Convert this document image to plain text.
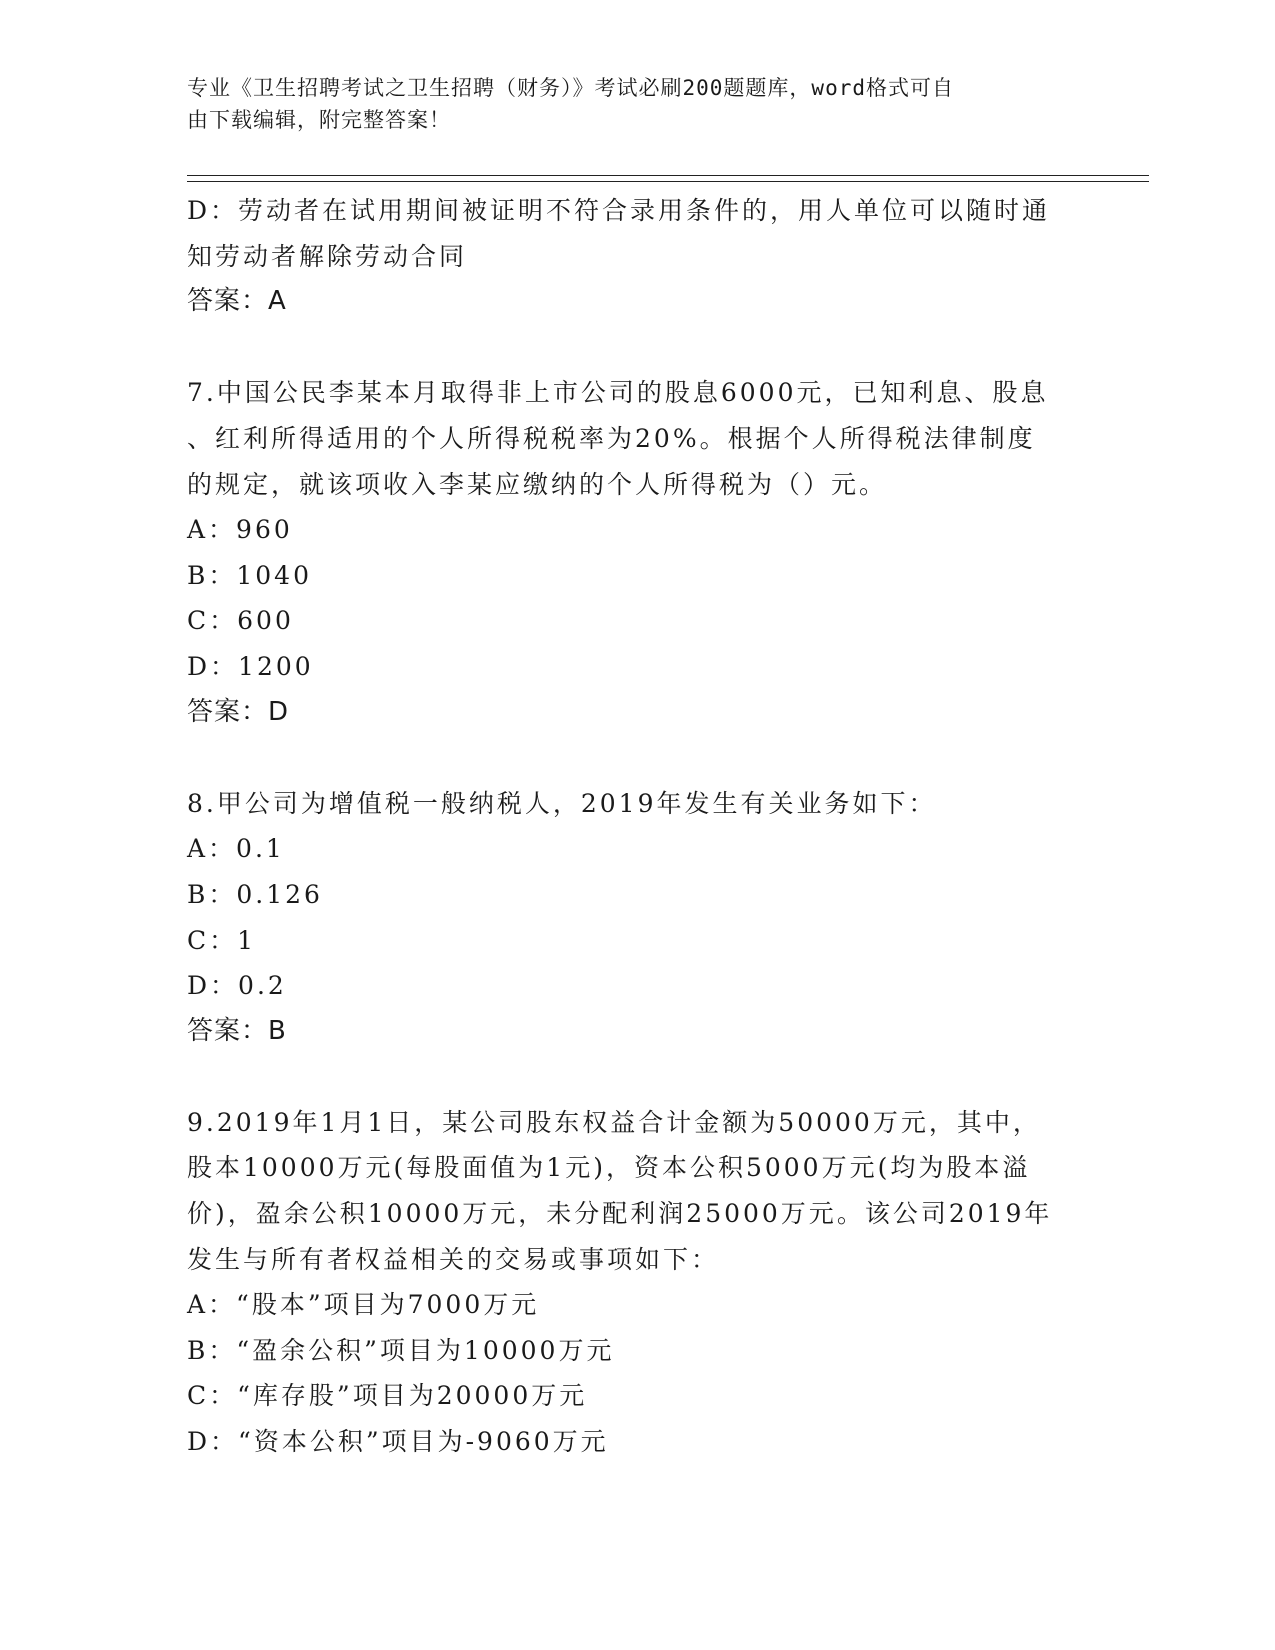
专业《卫生招聘考试之卫生招聘（财务）》考试必刷200题题库，word格式可自
由下载编辑，附完整答案！
D：劳动者在试用期间被证明不符合录用条件的，用人单位可以随时通
知劳动者解除劳动合同
答案：A
7.中国公民李某本月取得非上市公司的股息6000元，已知利息、股息
、红利所得适用的个人所得税税率为20%。根据个人所得税法律制度
的规定，就该项收入李某应缴纳的个人所得税为（）元。
A：960
B：1040
C：600
D：1200
答案：D
8.甲公司为增值税一般纳税人，2019年发生有关业务如下：
A：0.1
B：0.126
C：1
D：0.2
答案：B
9.2019年1月1日，某公司股东权益合计金额为50000万元，其中，
股本10000万元(每股面值为1元)，资本公积5000万元(均为股本溢
价)，盈余公积10000万元，未分配利润25000万元。该公司2019年
发生与所有者权益相关的交易或事项如下：
A：“股本”项目为7000万元
B：“盈余公积”项目为10000万元
C：“库存股”项目为20000万元
D：“资本公积”项目为-9060万元
